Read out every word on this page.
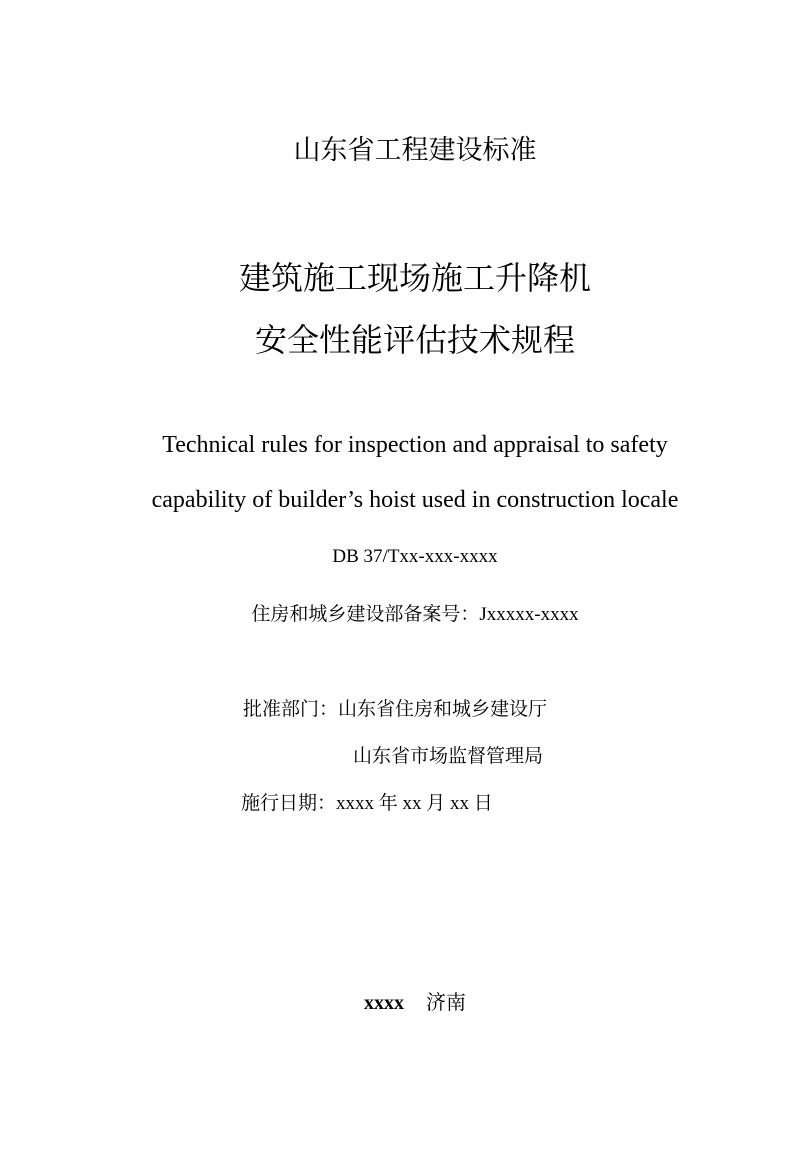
山东省工程建设标准
建筑施工现场施工升降机
安全性能评估技术规程
Technical rules for inspection and appraisal to safety
capability of builder’s hoist used in construction locale
DB 37/Txx-xxx-xxxx
住房和城乡建设部备案号：Jxxxxx-xxxx
批准部门：山东省住房和城乡建设厅
山东省市场监督管理局
施行日期：xxxx 年 xx 月 xx 日
xxxx 济南
